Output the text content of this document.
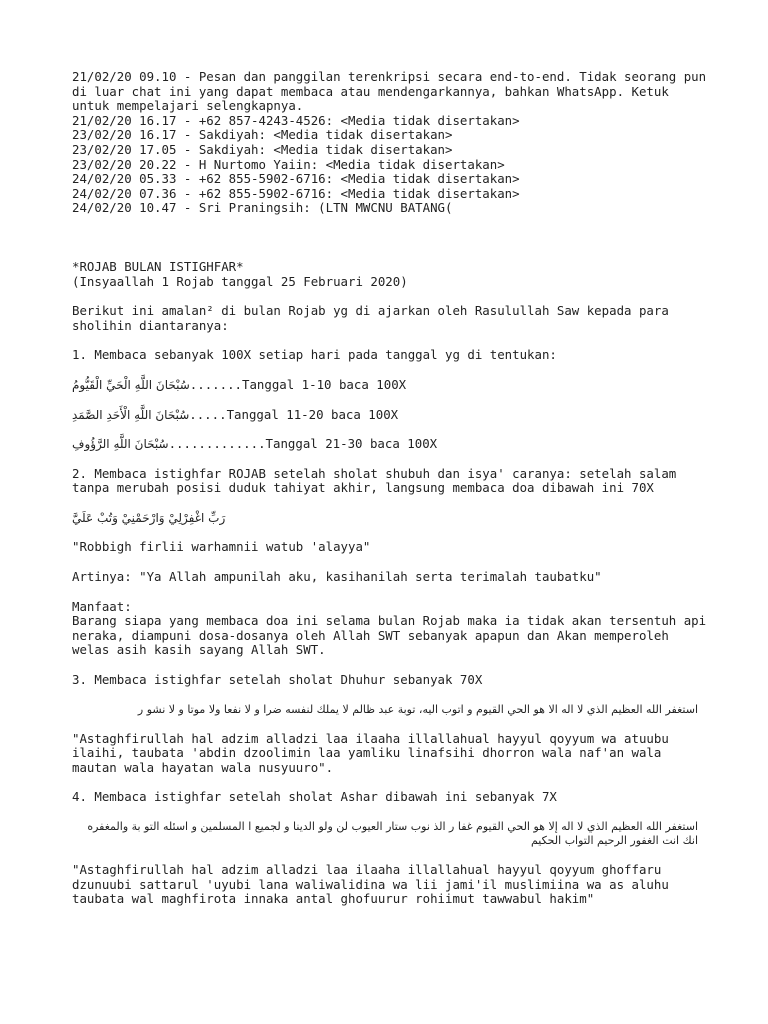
21/02/20 09.10 - Pesan dan panggilan terenkripsi secara end-to-end. Tidak seorang pun di luar chat ini yang dapat membaca atau mendengarkannya, bahkan WhatsApp. Ketuk untuk mempelajari selengkapnya.
21/02/20 16.17 - +62 857-4243-4526: <Media tidak disertakan>
23/02/20 16.17 - Sakdiyah: <Media tidak disertakan>
23/02/20 17.05 - Sakdiyah: <Media tidak disertakan>
23/02/20 20.22 - H Nurtomo Yaiin: <Media tidak disertakan>
24/02/20 05.33 - +62 855-5902-6716: <Media tidak disertakan>
24/02/20 07.36 - +62 855-5902-6716: <Media tidak disertakan>
24/02/20 10.47 - Sri Praningsih: (LTN MWCNU BATANG(
*ROJAB BULAN ISTIGHFAR*
(Insyaallah 1 Rojab tanggal 25 Februari 2020)
Berikut ini amalan² di bulan Rojab yg di ajarkan oleh Rasulullah Saw kepada para sholihin diantaranya:
1. Membaca sebanyak 100X setiap hari pada tanggal yg di tentukan:
سُبْحَانَ اللَّهِ الْحَيِّ الْقَيُّومُ.......Tanggal 1-10 baca 100X
سُبْحَانَ اللَّهِ الْأَحَدِ الصَّمَدِ.....Tanggal 11-20 baca 100X
سُبْحَانَ اللَّهِ الرَّؤُوفِ.............Tanggal 21-30 baca 100X
2. Membaca istighfar ROJAB setelah sholat shubuh dan isya' caranya: setelah salam tanpa merubah posisi duduk tahiyat akhir, langsung membaca doa dibawah ini 70X
رَبِّ اغْفِرْلِيْ وَارْحَمْنِيْ وَتُبْ عَلَيَّ
"Robbigh firlii warhamnii watub 'alayya"
Artinya: "Ya Allah ampunilah aku, kasihanilah serta terimalah taubatku"
Manfaat:
Barang siapa yang membaca doa ini selama bulan Rojab maka ia tidak akan tersentuh api neraka, diampuni dosa-dosanya oleh Allah SWT sebanyak apapun dan Akan memperoleh welas asih kasih sayang Allah SWT.
3. Membaca istighfar setelah sholat Dhuhur sebanyak 70X
استغفر الله العظيم الذي لا اله الا هو الحي القيوم و اتوب اليه، توبة عبد ظالم لا يملك لنفسه ضرا و لا نفعا ولا موتا و لا نشو ر
"Astaghfirullah hal adzim alladzi laa ilaaha illallahual hayyul qoyyum wa atuubu ilaihi, taubata 'abdin dzoolimin laa yamliku linafsihi dhorron wala naf'an wala mautan wala hayatan wala nusyuuro".
4. Membaca istighfar setelah sholat Ashar dibawah ini sebanyak 7X
استغفر الله العظيم الذي لا اله إلا هو الحي القيوم غفا ر الذ نوب ستار العيوب لن ولو الدينا و لجميع ا المسلمين و اسئله التو بة والمغفره انك انت الغفور الرحيم التواب الحكيم
"Astaghfirullah hal adzim alladzi laa ilaaha illallahual hayyul qoyyum ghoffaru dzunuubi sattarul 'uyubi lana waliwalidina wa lii jami'il muslimiina wa as aluhu taubata wal maghfirota innaka antal ghofuurur rohiimut tawwabul hakim"
